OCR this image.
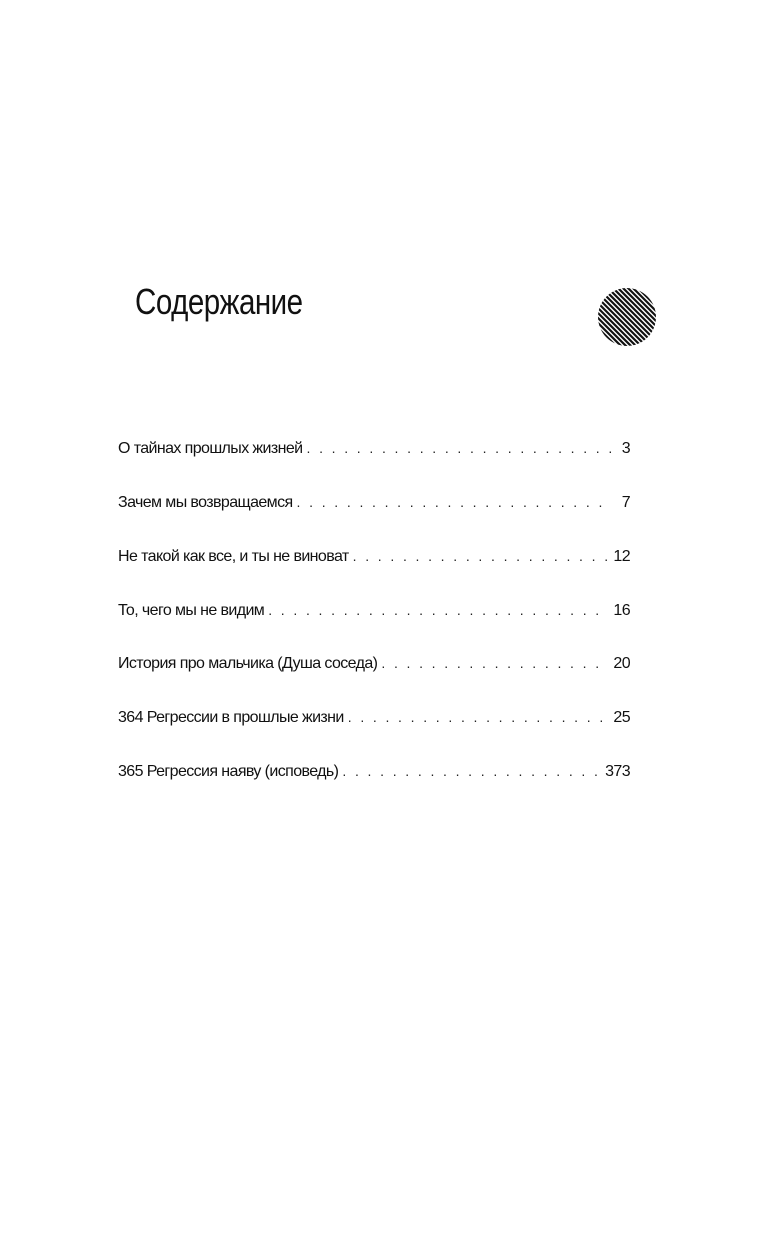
Содержание
О тайнах прошлых жизней . . .	3
Зачем мы возвращаемся . . .	7
Не такой как все, и ты не виноват . . .	12
То, чего мы не видим . . .	16
История про мальчика (Душа соседа) . . .	20
364 Регрессии в прошлые жизни . . .	25
365 Регрессия наяву (исповедь) . . .	373
